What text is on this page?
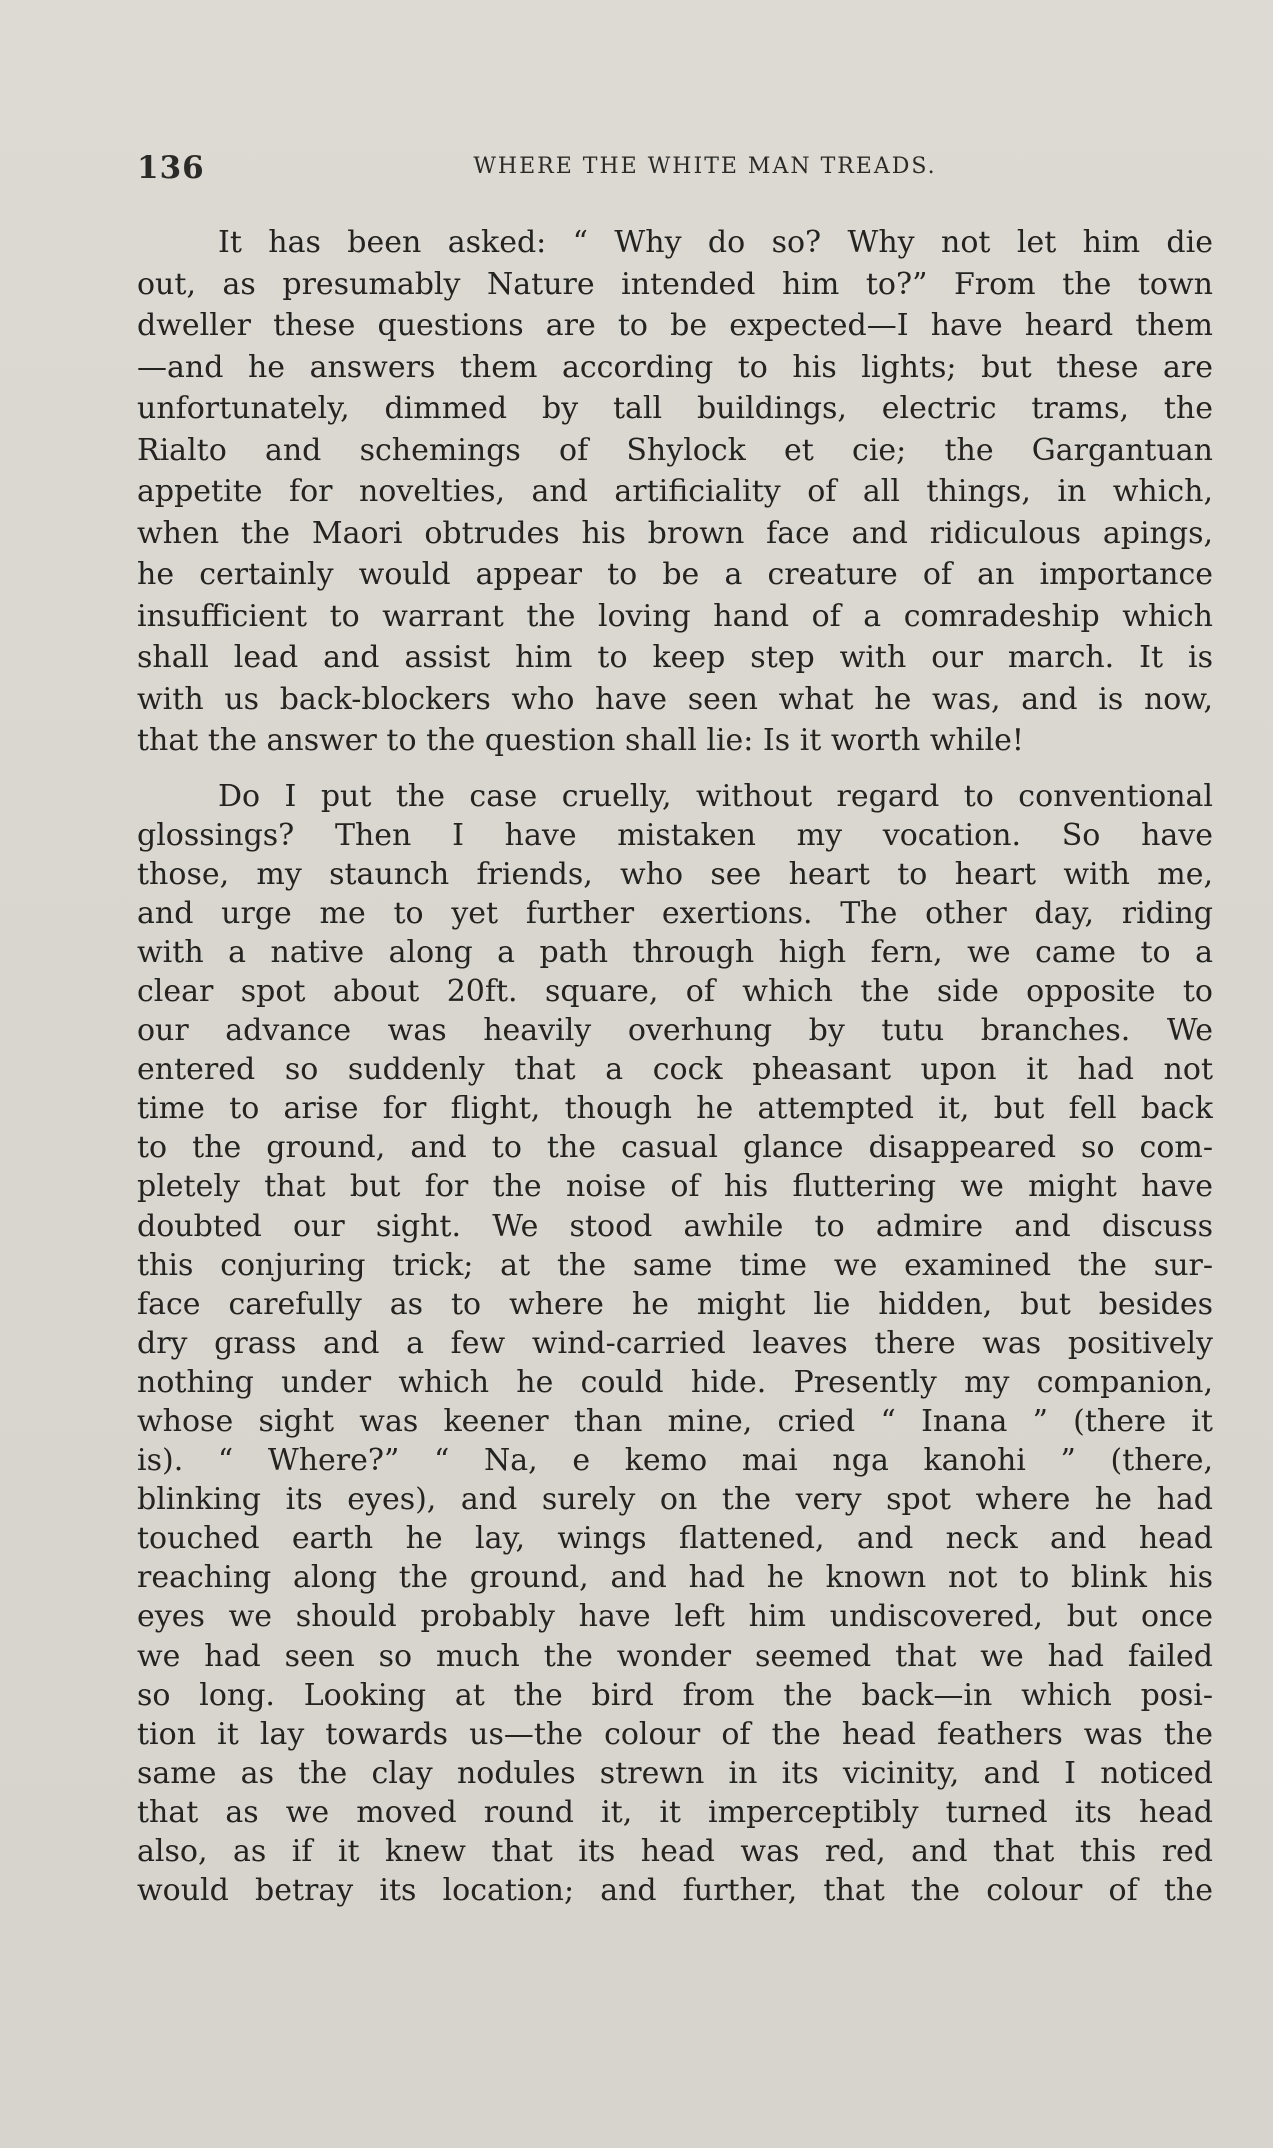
136	WHERE THE WHITE MAN TREADS.
It has been asked: “ Why do so? Why not let him die
out, as presumably Nature intended him to?” From the town
dweller these questions are to be expected—I have heard them
—and he answers them according to his lights; but these are
unfortunately, dimmed by tall buildings, electric trams, the
Rialto and schemings of Shylock et cie; the Gargantuan
appetite for novelties, and artificiality of all things, in which,
when the Maori obtrudes his brown face and ridiculous apings,
he certainly would appear to be a creature of an importance
insufficient to warrant the loving hand of a comradeship which
shall lead and assist him to keep step with our march. It is
with us back-blockers who have seen what he was, and is now,
that the answer to the question shall lie: Is it worth while!
Do I put the case cruelly, without regard to conventional
glossings? Then I have mistaken my vocation. So have
those, my staunch friends, who see heart to heart with me,
and urge me to yet further exertions. The other day, riding
with a native along a path through high fern, we came to a
clear spot about 20ft. square, of which the side opposite to
our advance was heavily overhung by tutu branches. We
entered so suddenly that a cock pheasant upon it had not
time to arise for flight, though he attempted it, but fell back
to the ground, and to the casual glance disappeared so com-
pletely that but for the noise of his fluttering we might have
doubted our sight. We stood awhile to admire and discuss
this conjuring trick; at the same time we examined the sur-
face carefully as to where he might lie hidden, but besides
dry grass and a few wind-carried leaves there was positively
nothing under which he could hide. Presently my companion,
whose sight was keener than mine, cried “ Inana ” (there it
is). “ Where?” “ Na, e kemo mai nga kanohi ” (there,
blinking its eyes), and surely on the very spot where he had
touched earth he lay, wings flattened, and neck and head
reaching along the ground, and had he known not to blink his
eyes we should probably have left him undiscovered, but once
we had seen so much the wonder seemed that we had failed
so long. Looking at the bird from the back—in which posi-
tion it lay towards us—the colour of the head feathers was the
same as the clay nodules strewn in its vicinity, and I noticed
that as we moved round it, it imperceptibly turned its head
also, as if it knew that its head was red, and that this red
would betray its location; and further, that the colour of the
